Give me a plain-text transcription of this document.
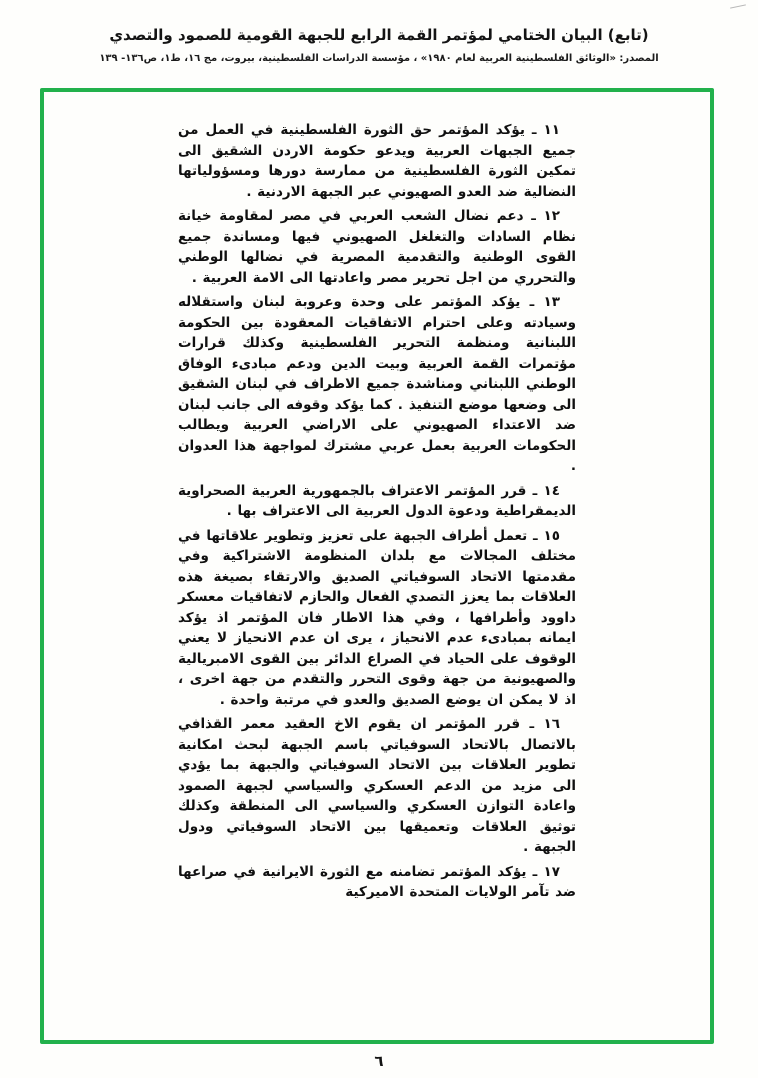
(تابع) البيان الختامي لمؤتمر القمة الرابع للجبهة القومية للصمود والتصدي
المصدر: «الوثائق الفلسطينية العربية لعام ١٩٨٠» ، مؤسسة الدراسات الفلسطينية، بيروت، مج ١٦، ط١، ص١٣٦- ١٣٩

١١ ـ يؤكد المؤتمر حق الثورة الفلسطينية في العمل من جميع الجبهات العربية ويدعو حكومة الاردن الشقيق الى تمكين الثورة الفلسطينية من ممارسة دورها ومسؤولياتها النضالية ضد العدو الصهيوني عبر الجبهة الاردنية .

١٢ ـ دعم نضال الشعب العربي في مصر لمقاومة خيانة نظام السادات والتغلغل الصهيوني فيها ومساندة جميع القوى الوطنية والتقدمية المصرية في نضالها الوطني والتحرري من اجل تحرير مصر واعادتها الى الامة العربية .

١٣ ـ يؤكد المؤتمر على وحدة وعروبة لبنان واستقلاله وسيادته وعلى احترام الاتفاقيات المعقودة بين الحكومة اللبنانية ومنظمة التحرير الفلسطينية وكذلك قرارات مؤتمرات القمة العربية وبيت الدين ودعم مبادىء الوفاق الوطني اللبناني ومناشدة جميع الاطراف في لبنان الشقيق الى وضعها موضع التنفيذ . كما يؤكد وقوفه الى جانب لبنان ضد الاعتداء الصهيوني على الاراضي العربية ويطالب الحكومات العربية بعمل عربي مشترك لمواجهة هذا العدوان .

١٤ ـ قرر المؤتمر الاعتراف بالجمهورية العربية الصحراوية الديمقراطية ودعوة الدول العربية الى الاعتراف بها .

١٥ ـ تعمل أطراف الجبهة على تعزيز وتطوير علاقاتها في مختلف المجالات مع بلدان المنظومة الاشتراكية وفي مقدمتها الاتحاد السوفياتي الصديق والارتقاء بصيغة هذه العلاقات بما يعزز التصدي الفعال والحازم لاتفاقيات معسكر داوود وأطرافها ، وفي هذا الاطار فان المؤتمر اذ يؤكد ايمانه بمبادىء عدم الانحياز ، يرى ان عدم الانحياز لا يعني الوقوف على الحياد في الصراع الدائر بين القوى الامبريالية والصهيونية من جهة وقوى التحرر والتقدم من جهة اخرى ، اذ لا يمكن ان يوضع الصديق والعدو في مرتبة واحدة .

١٦ ـ قرر المؤتمر ان يقوم الاخ العقيد معمر القذافي بالاتصال بالاتحاد السوفياتي باسم الجبهة لبحث امكانية تطوير العلاقات بين الاتحاد السوفياتي والجبهة بما يؤدي الى مزيد من الدعم العسكري والسياسي لجبهة الصمود واعادة التوازن العسكري والسياسي الى المنطقة وكذلك توثيق العلاقات وتعميقها بين الاتحاد السوفياتي ودول الجبهة .

١٧ ـ يؤكد المؤتمر تضامنه مع الثورة الايرانية في صراعها ضد تآمر الولايات المتحدة الاميركية

٦
